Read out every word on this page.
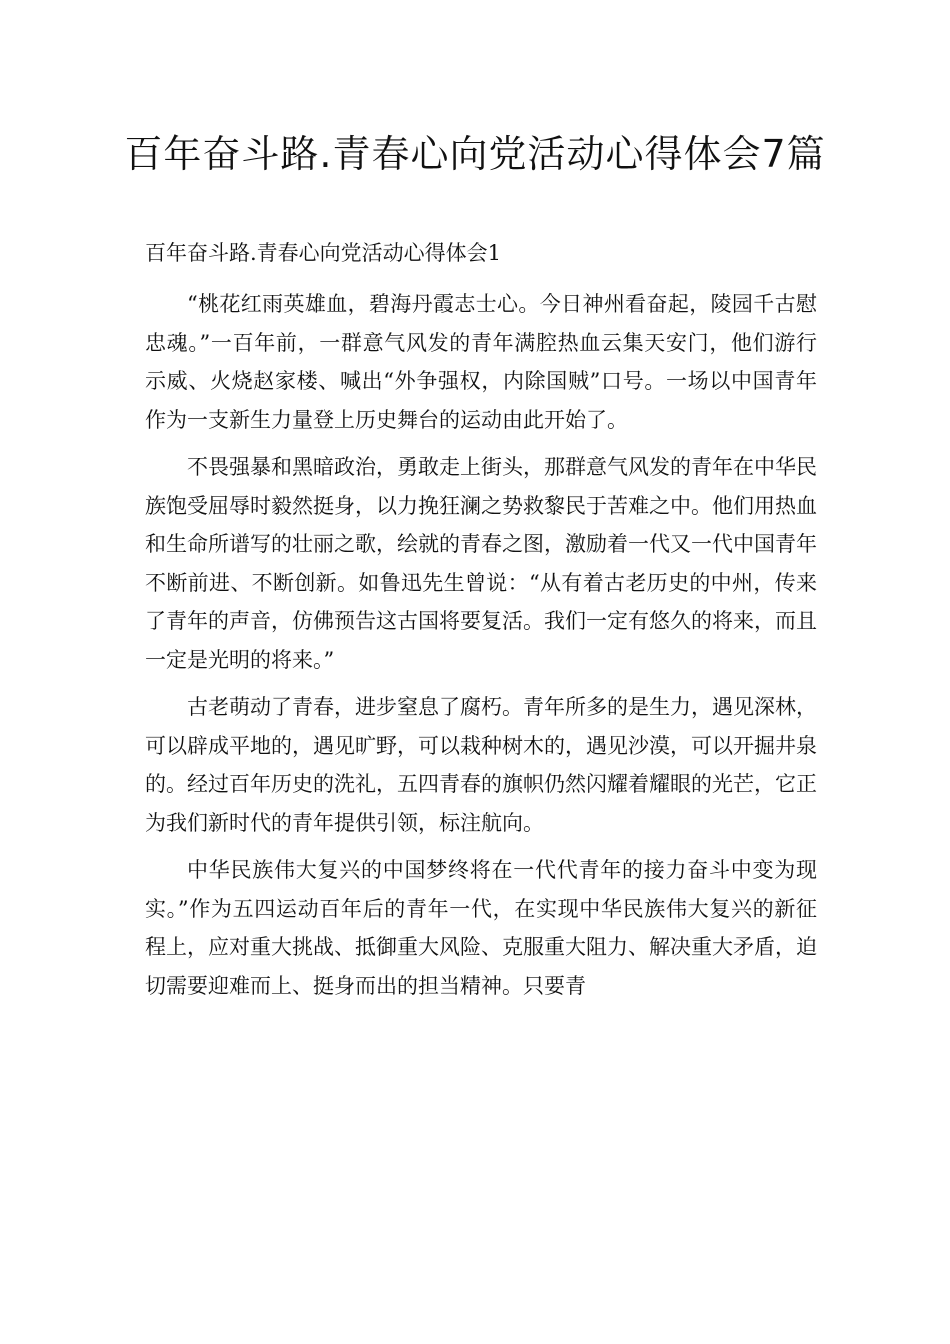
百年奋斗路.青春心向党活动心得体会7篇
百年奋斗路.青春心向党活动心得体会1

“桃花红雨英雄血，碧海丹霞志士心。今日神州看奋起，陵园千古慰忠魂。”一百年前，一群意气风发的青年满腔热血云集天安门，他们游行示威、火烧赵家楼、喊出“外争强权，内除国贼”口号。一场以中国青年作为一支新生力量登上历史舞台的运动由此开始了。

不畏强暴和黑暗政治，勇敢走上街头，那群意气风发的青年在中华民族饱受屈辱时毅然挺身，以力挽狂澜之势救黎民于苦难之中。他们用热血和生命所谱写的壮丽之歌，绘就的青春之图，激励着一代又一代中国青年不断前进、不断创新。如鲁迅先生曾说：“从有着古老历史的中州，传来了青年的声音，仿佛预告这古国将要复活。我们一定有悠久的将来，而且一定是光明的将来。”

古老萌动了青春，进步窒息了腐朽。青年所多的是生力，遇见深林，可以辟成平地的，遇见旷野，可以栽种树木的，遇见沙漠，可以开掘井泉的。经过百年历史的洗礼，五四青春的旗帜仍然闪耀着耀眼的光芒，它正为我们新时代的青年提供引领，标注航向。

中华民族伟大复兴的中国梦终将在一代代青年的接力奋斗中变为现实。”作为五四运动百年后的青年一代，在实现中华民族伟大复兴的新征程上，应对重大挑战、抵御重大风险、克服重大阻力、解决重大矛盾，迫切需要迎难而上、挺身而出的担当精神。只要青
